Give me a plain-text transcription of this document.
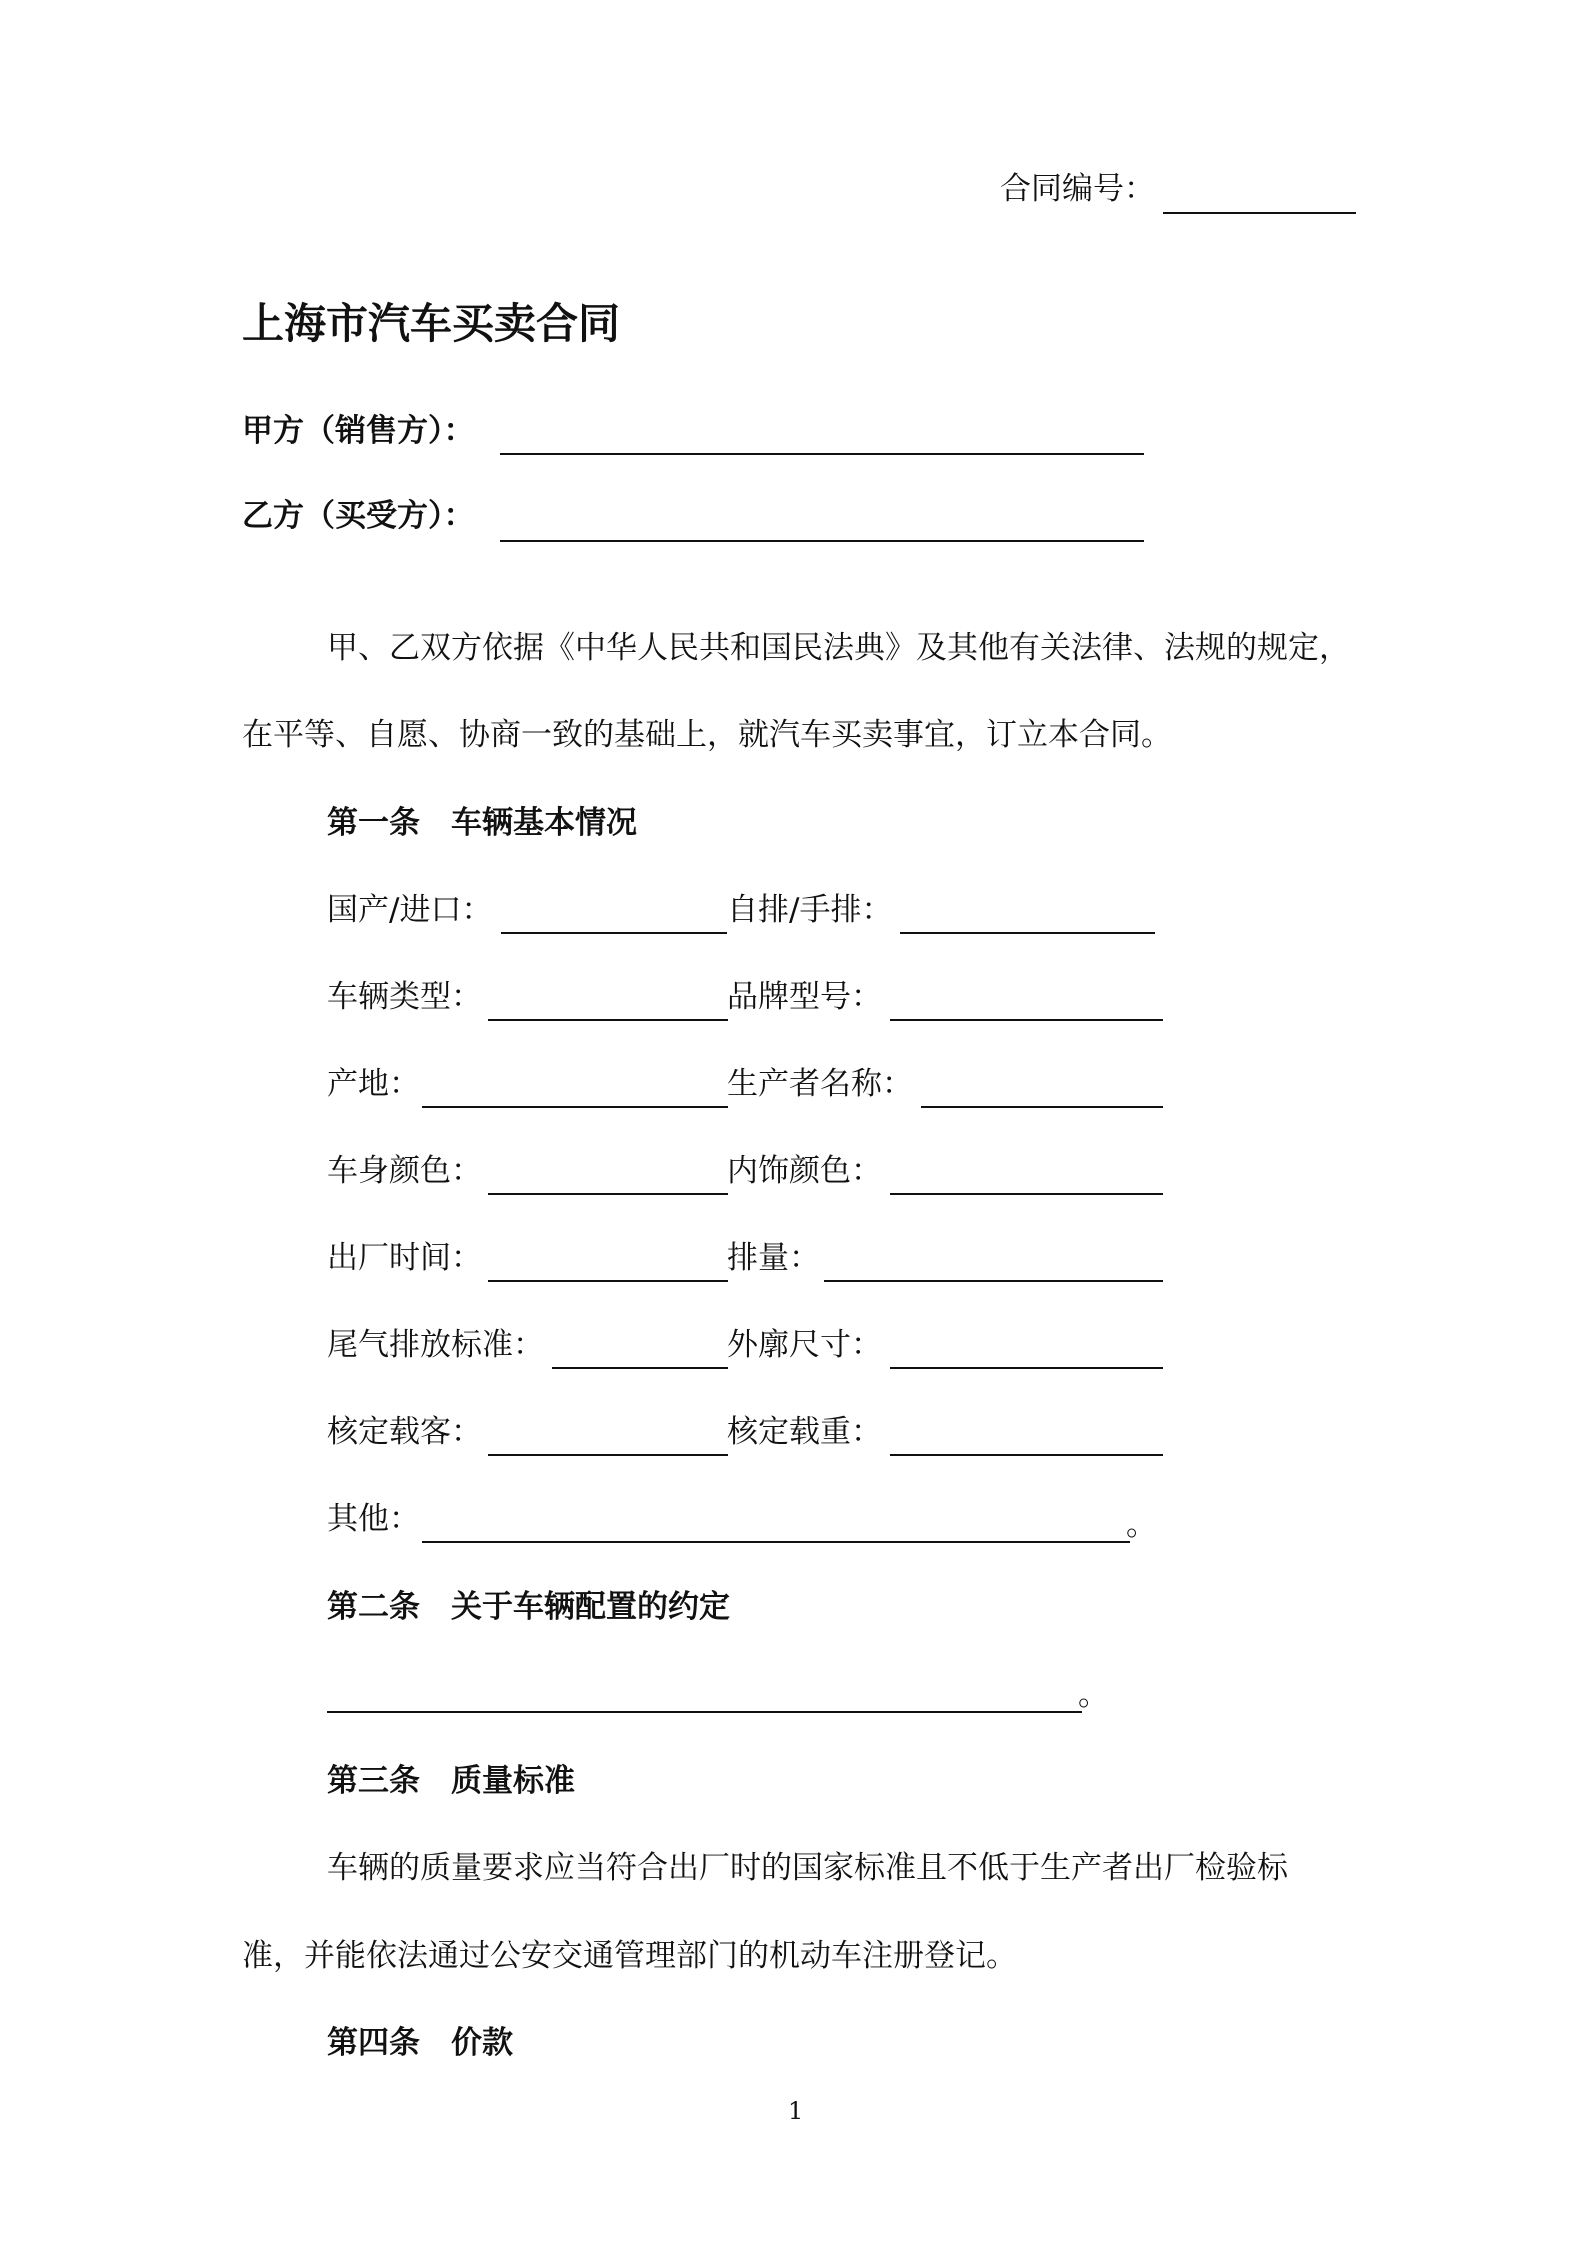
合同编号：
上海市汽车买卖合同
甲方（销售方）：
乙方（买受方）：
甲、乙双方依据《中华人民共和国民法典》及其他有关法律、法规的规定，
在平等、自愿、协商一致的基础上，就汽车买卖事宜，订立本合同。
第一条　车辆基本情况
国产/进口：	自排/手排：
车辆类型：	品牌型号：
产地：	生产者名称：
车身颜色：	内饰颜色：
出厂时间：	排量：
尾气排放标准：	外廓尺寸：
核定载客：	核定载重：
其他：	。
第二条　关于车辆配置的约定
。
第三条　质量标准
车辆的质量要求应当符合出厂时的国家标准且不低于生产者出厂检验标
准，并能依法通过公安交通管理部门的机动车注册登记。
第四条　价款
1
